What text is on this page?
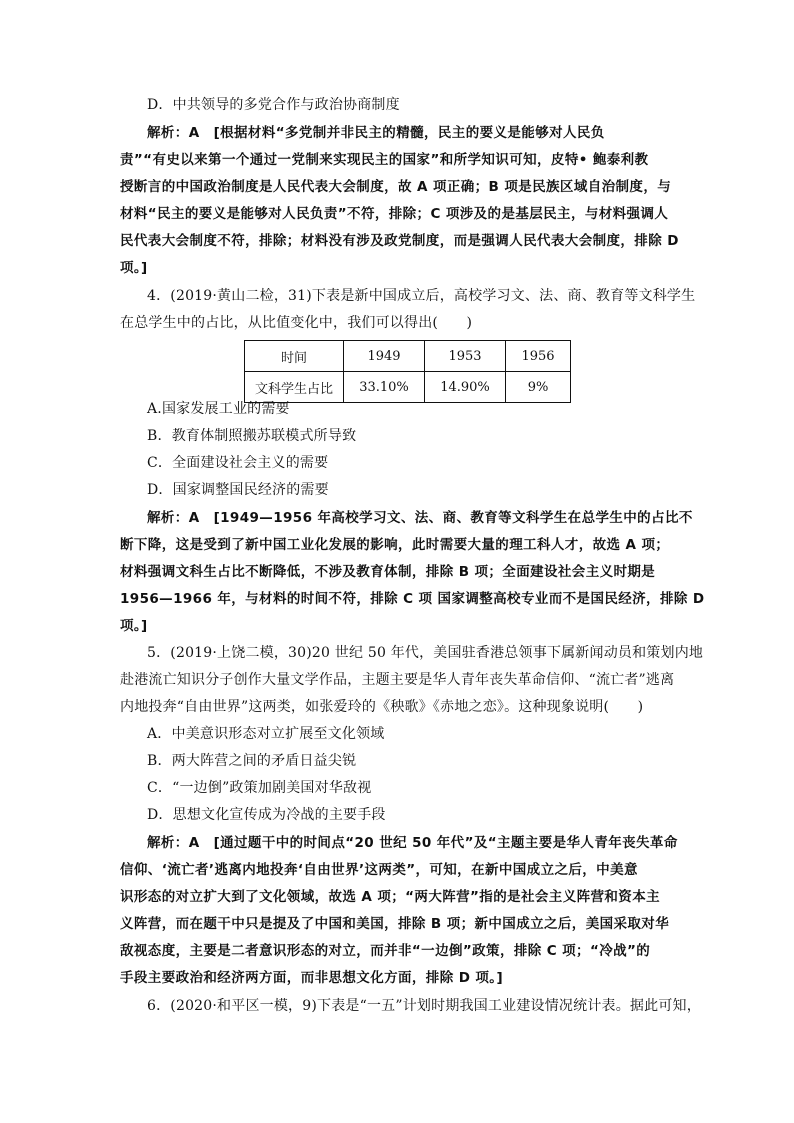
D．中共领导的多党合作与政治协商制度
解析：A [根据材料“多党制并非民主的精髓，民主的要义是能够对人民负
责”“有史以来第一个通过一党制来实现民主的国家”和所学知识可知，皮特• 鲍泰利教
授断言的中国政治制度是人民代表大会制度，故 A 项正确；B 项是民族区域自治制度，与
材料“民主的要义是能够对人民负责”不符，排除；C 项涉及的是基层民主，与材料强调人
民代表大会制度不符，排除；材料没有涉及政党制度，而是强调人民代表大会制度，排除 D
项。]
4．(2019·黄山二检，31)下表是新中国成立后，高校学习文、法、商、教育等文科学生
在总学生中的占比，从比值变化中，我们可以得出(　　)
时间	1949	1953	1956
文科学生占比	33.10%	14.90%	9%
A.国家发展工业的需要
B．教育体制照搬苏联模式所导致
C．全面建设社会主义的需要
D．国家调整国民经济的需要
解析：A [1949—1956 年高校学习文、法、商、教育等文科学生在总学生中的占比不
断下降，这是受到了新中国工业化发展的影响，此时需要大量的理工科人才，故选 A 项；
材料强调文科生占比不断降低，不涉及教育体制，排除 B 项；全面建设社会主义时期是
1956—1966 年，与材料的时间不符，排除 C 项 国家调整高校专业而不是国民经济，排除 D
项。]
5．(2019·上饶二模，30)20 世纪 50 年代，美国驻香港总领事下属新闻动员和策划内地
赴港流亡知识分子创作大量文学作品，主题主要是华人青年丧失革命信仰、“流亡者”逃离
内地投奔“自由世界”这两类，如张爱玲的《秧歌》《赤地之恋》。这种现象说明(　　)
A．中美意识形态对立扩展至文化领域
B．两大阵营之间的矛盾日益尖锐
C．“一边倒”政策加剧美国对华敌视
D．思想文化宣传成为冷战的主要手段
解析：A [通过题干中的时间点“20 世纪 50 年代”及“主题主要是华人青年丧失革命
信仰、‘流亡者’逃离内地投奔‘自由世界’这两类”，可知，在新中国成立之后，中美意
识形态的对立扩大到了文化领域，故选 A 项；“两大阵营”指的是社会主义阵营和资本主
义阵营，而在题干中只是提及了中国和美国，排除 B 项；新中国成立之后，美国采取对华
敌视态度，主要是二者意识形态的对立，而并非“一边倒”政策，排除 C 项；“冷战”的
手段主要政治和经济两方面，而非思想文化方面，排除 D 项。]
6．(2020·和平区一模，9)下表是“一五”计划时期我国工业建设情况统计表。据此可知，
